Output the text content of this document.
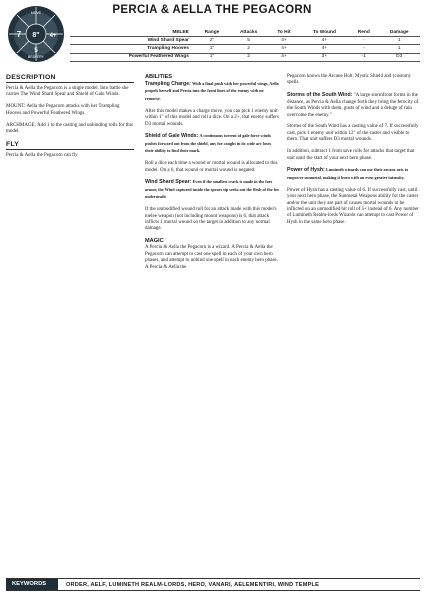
PERCIA & AELLA THE PEGACORN
MOVE
7 8" 4+
5
BRAVERY
MELEE	Range	Attacks	To Hit	To Wound	Rend	Damage
Wind Shard Spear	2"	5	4+	4+	-	1
Trampling Hooves	1"	2	4+	4+	-	1
Powerful Feathered Wings	1"	2	4+	3+	-1	D3
DESCRIPTION

Percia & Aella the Pegacorn is a single model. Into battle she carries The Wind Shard Spear and Shield of Gale Winds.

MOUNT: Aella the Pegacorn attacks with her Trampling Hooves and Powerful Feathered Wings.

ARCHMAGE: Add 1 to the casting and unbinding rolls for this model.

FLY

Percia & Aella the Pegacorn can fly.

ABILITIES

Trampling Charge: With a final push with her powerful wings, Aella propels herself and Percia into the front lines of the enemy with no remorse.

After this model makes a charge move, you can pick 1 enemy unit within 1" of this model and roll a dice. On a 2+, that enemy suffers D3 mortal wounds.

Shield of Gale Winds: A continuous torrent of gale force winds pushes forward out from the shield, any foe caught in its wide arc loses their ability to find their mark.

Roll a dice each time a wound or mortal wound is allocated to this model. On a 6, that wound or mortal wound is negated.

Wind Shard Spear: Even if the smallest crack is made in the foes armor, the Wind captured inside the spears tip seeks out the flesh of the foe underneath

If the unmodified wound roll for an attack made with this model's melee weapon (not including mount weapons) is 6, that attack inflicts 1 mortal wound on the target in addition to any normal damage.

MAGIC

A Percia & Aella the Pegacorn is a wizard. A Percia & Aella the Pegacorn can attempt to cast one spell in each of your own hero phases, and attempt to unbind one spell in each enemy hero phase. A Percia & Aella the

Pegacorn knows the Arcane Bolt, Mystic Shield and (custom) spells.

Storms of the South Wind: "A large stormfront forms in the distance, as Percia & Aella change forth they bring the ferocity of the South Winds with them, gusts of wind and a deluge of rain overcome the enemy."

Storms of the South Wind has a casting value of 7. If successfully cast, pick 1 enemy unit within 12" of the caster and visible to them. That unit suffers D3 mortal wounds.

In addition, subtract 1 from save rolls for attacks that target that unit until the start of your next hero phase.

Power of Hysh: Lumineth wizards can use their arcane arts to empower sunmetal, making it burn with an even greater intensity.

Power of Hysh has a casting value of 6. If successfully cast, until your next hero phase, the Sunmetal Weapons ability for the caster and/or the unit they are part of causes mortal wounds to be inflicted on an unmodified hit roll of 5+ instead of 6. Any number of Lumineth Realm-lords Wizards can attempt to cast Power of Hysh in the same hero phase.

KEYWORDS	ORDER, AELF, LUMINETH REALM-LORDS, HERO, VANARI, AELEMENTIRI, WIND TEMPLE
